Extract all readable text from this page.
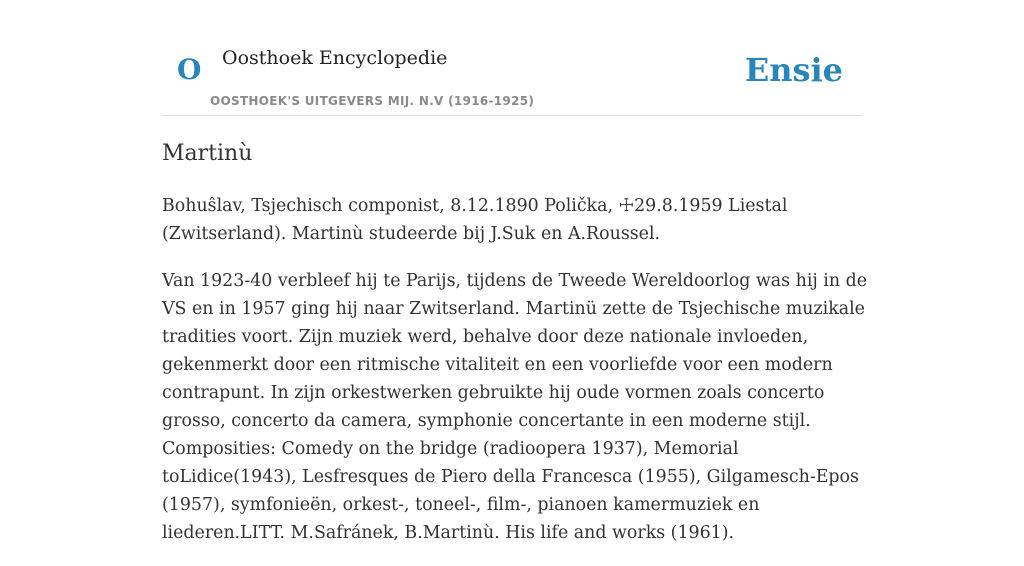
O Oosthoek Encyclopedie
OOSTHOEK'S UITGEVERS MIJ. N.V (1916-1925)
Ensie
Martinù

Bohuŝlav, Tsjechisch componist, 8.12.1890 Polička, ☩29.8.1959 Liestal (Zwitserland). Martinù studeerde bij J.Suk en A.Roussel.

Van 1923-40 verbleef hij te Parijs, tijdens de Tweede Wereldoorlog was hij in de VS en in 1957 ging hij naar Zwitserland. Martinü zette de Tsjechische muzikale tradities voort. Zijn muziek werd, behalve door deze nationale invloeden, gekenmerkt door een ritmische vitaliteit en een voorliefde voor een modern contrapunt. In zijn orkestwerken gebruikte hij oude vormen zoals concerto grosso, concerto da camera, symphonie concertante in een moderne stijl. Composities: Comedy on the bridge (radioopera 1937), Memorial toLidice(1943), Lesfresques de Piero della Francesca (1955), Gilgamesch-Epos (1957), symfonieën, orkest-, toneel-, film-, pianoen kamermuziek en liederen.LITT. M.Safránek, B.Martinù. His life and works (1961).
